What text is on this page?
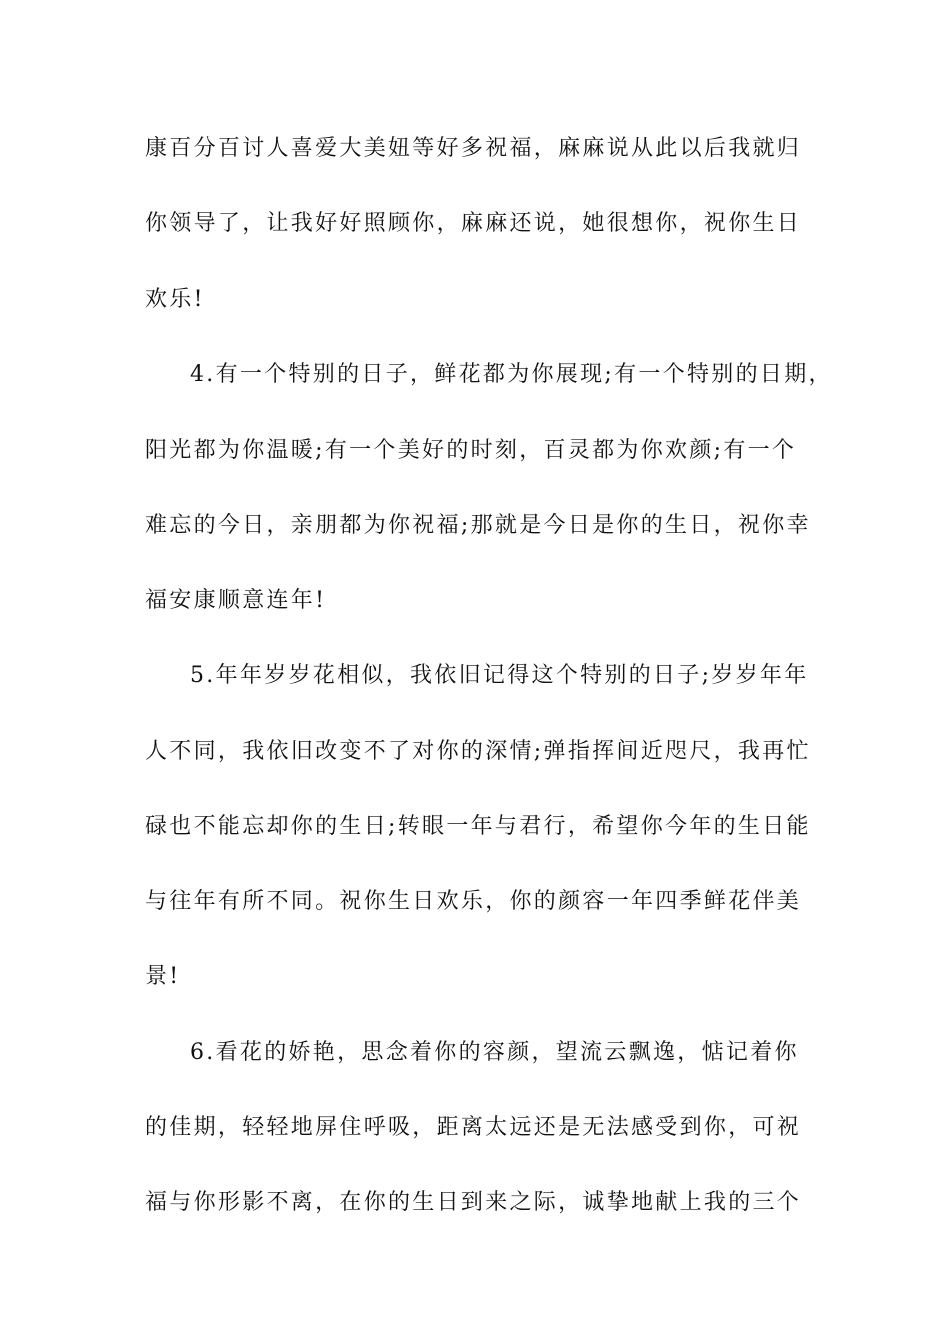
康百分百讨人喜爱大美妞等好多祝福，麻麻说从此以后我就归
你领导了，让我好好照顾你，麻麻还说，她很想你，祝你生日
欢乐!
4.有一个特别的日子，鲜花都为你展现;有一个特别的日期，
阳光都为你温暖;有一个美好的时刻，百灵都为你欢颜;有一个
难忘的今日，亲朋都为你祝福;那就是今日是你的生日，祝你幸
福安康顺意连年!
5.年年岁岁花相似，我依旧记得这个特别的日子;岁岁年年
人不同，我依旧改变不了对你的深情;弹指挥间近咫尺，我再忙
碌也不能忘却你的生日;转眼一年与君行，希望你今年的生日能
与往年有所不同。祝你生日欢乐，你的颜容一年四季鲜花伴美
景!
6.看花的娇艳，思念着你的容颜，望流云飘逸，惦记着你
的佳期，轻轻地屏住呼吸，距离太远还是无法感受到你，可祝
福与你形影不离，在你的生日到来之际，诚挚地献上我的三个
